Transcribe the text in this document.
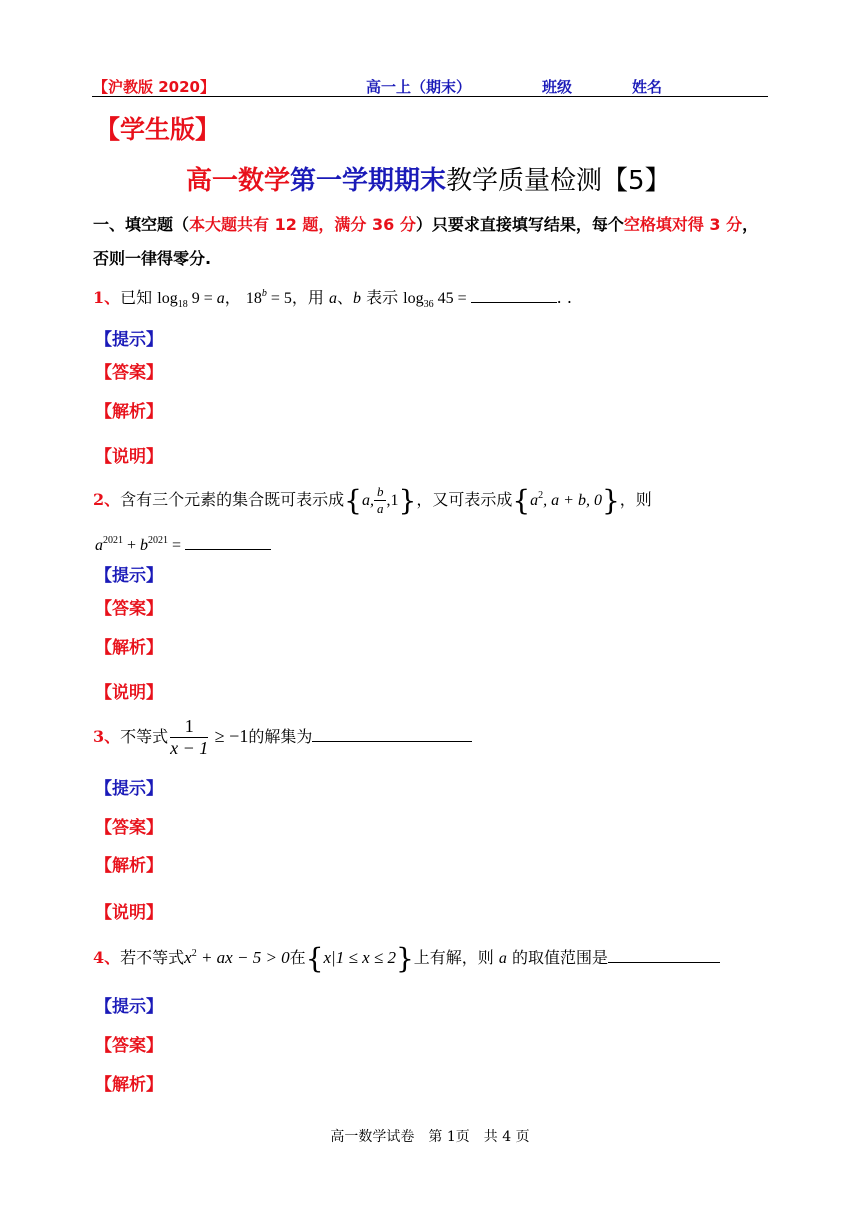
【沪教版 2020】	高一上（期末）	班级	姓名
【学生版】
高一数学第一学期期末教学质量检测【5】
一、填空题（本大题共有 12 题，满分 36 分）只要求直接填写结果，每个空格填对得 3 分，
否则一律得零分.
1、已知 $\log_{18} 9 = a$， $18^b = 5$，用 a、b 表示 $\log_{36} 45$ =	. .
【提示】
【答案】
【解析】
【说明】
2、含有三个元素的集合既可表示成{a, $\frac{b}{a} ,1$}，又可表示成{$a^2$, a + b, 0}，则
$a^{2021} + b^{2021}$ =
【提示】
【答案】
【解析】
【说明】
3、不等式 $\frac{1}{x - 1} \ge -1$的解集为
【提示】
【答案】
【解析】
【说明】
4、若不等式$x^2$ + ax − 5 > 0在{x|1 ≤ x ≤ 2}上有解，则 a 的取值范围是
【提示】
【答案】
【解析】
高一数学试卷　第 1页　共 4 页
